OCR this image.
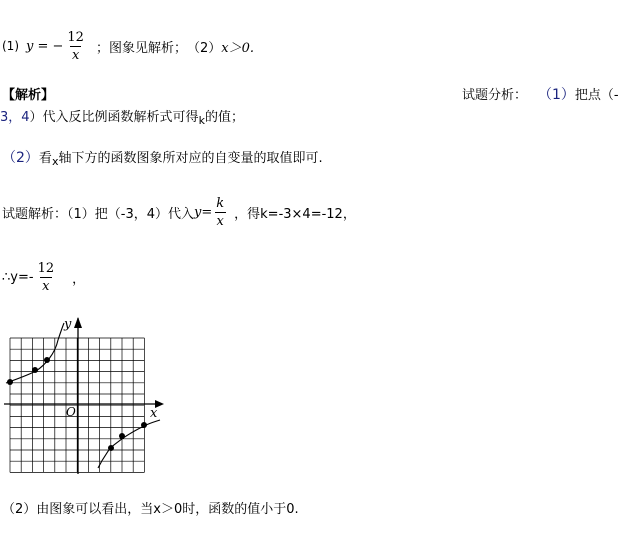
(1) y = − $\frac{12}{x}$ ；图象见解析； （2） x＞0.
【解析】	试题分析： （1）把点（-
3，4）代入反比例函数解析式可得$_k$的值；
（2）看$_x$轴下方的函数图象所对应的自变量的取值即可.
试题解析：（1）把（-3，4）代入 $y= \frac{k}{x}$ ，得k=-3×4=-12，
∴y=- $\frac{12}{x}$ ，
y
x
O
（2）由图象可以看出，当x＞0时，函数的值小于0.
